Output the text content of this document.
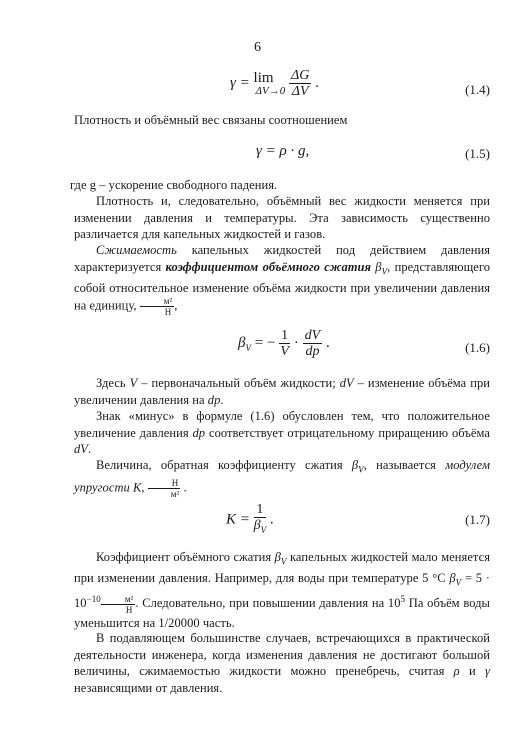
6
γ = lim
ΔV→0
$\frac{\Delta G}{\Delta V}$ .	(1.4)
Плотность и объёмный вес связаны соотношением
γ = ρ · g,	(1.5)
где g – ускорение свободного падения.
Плотность и, следовательно, объёмный вес жидкости меняется при изменении давления и температуры. Эта зависимость существенно различается для капельных жидкостей и газов.
Сжимаемость капельных жидкостей под действием давления характеризуется коэффициентом объёмного сжатия $\beta_V$, представляющего собой относительное изменение объёма жидкости при увеличении давления на единицу, $\frac{\text{м²}}{Н}$ ,
$\beta_V$ = − $\frac{1}{V} \cdot \frac{dV}{dp}$ .	(1.6)
Здесь V – первоначальный объём жидкости; dV – изменение объёма при увеличении давления на dp.
Знак «минус» в формуле (1.6) обусловлен тем, что положительное увеличение давления dp соответствует отрицательному приращению объёма dV.
Величина, обратная коэффициенту сжатия $\beta_V$, называется модулем упругости K, $\frac{Н}{\text{м²}}$ .
$K = \frac{1}{\beta_V}$ .	(1.7)
Коэффициент объёмного сжатия $\beta_V$ капельных жидкостей мало меняется при изменении давления. Например, для воды при температуре 5 °С $\beta_V = 5 \cdot 10^{-10} \frac{\text{м²}}{Н}$ . Следовательно, при повышении давления на $10^5$ Па объём воды уменьшится на 1/20000 часть.
В подавляющем большинстве случаев, встречающихся в практической деятельности инженера, когда изменения давления не достигают большой величины, сжимаемостью жидкости можно пренебречь, считая ρ и γ независящими от давления.
